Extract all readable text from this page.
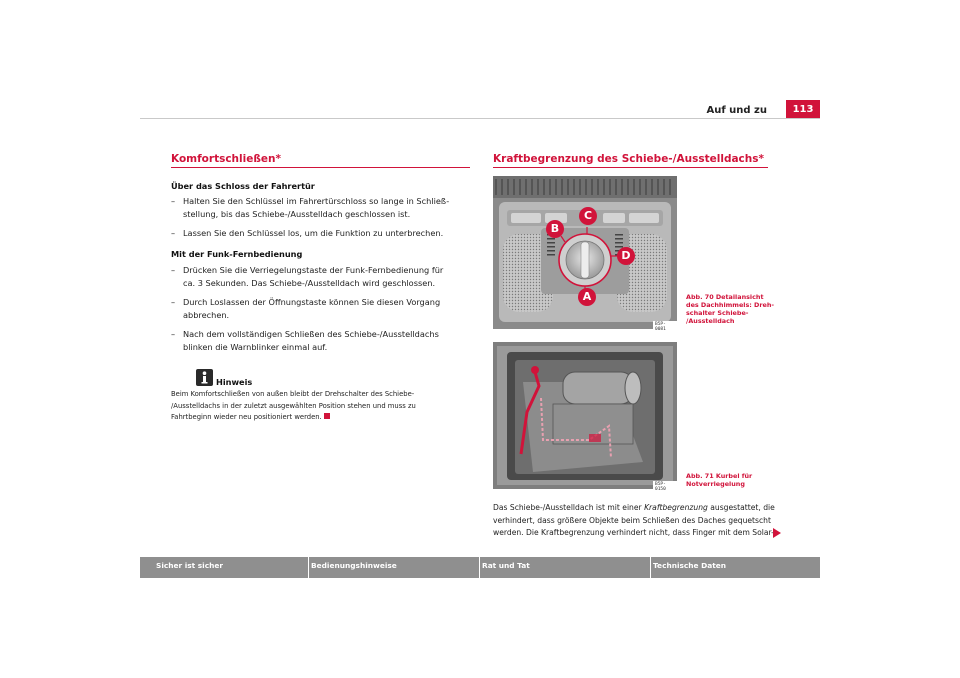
Auf und zu	113
Komfortschließen*
Über das Schloss der Fahrertür
– Halten Sie den Schlüssel im Fahrertürschloss so lange in Schließ-
stellung, bis das Schiebe-/Ausstelldach geschlossen ist.
– Lassen Sie den Schlüssel los, um die Funktion zu unterbrechen.
Mit der Funk-Fernbedienung
– Drücken Sie die Verriegelungstaste der Funk-Fernbedienung für
ca. 3 Sekunden. Das Schiebe-/Ausstelldach wird geschlossen.
– Durch Loslassen der Öffnungstaste können Sie diesen Vorgang
abbrechen.
– Nach dem vollständigen Schließen des Schiebe-/Ausstelldachs
blinken die Warnblinker einmal auf.
Hinweis
Beim Komfortschließen von außen bleibt der Drehschalter des Schiebe-
/Ausstelldachs in der zuletzt ausgewählten Position stehen und muss zu
Fahrtbeginn wieder neu positioniert werden.
Kraftbegrenzung des Schiebe-/Ausstelldachs*
C
B
D
A
B5P-0081
Abb. 70 Detailansicht
des Dachhimmels: Dreh-
schalter Schiebe-
/Ausstelldach
B5P-0150
Abb. 71 Kurbel für
Notverriegelung
Das Schiebe-/Ausstelldach ist mit einer Kraftbegrenzung ausgestattet, die
verhindert, dass größere Objekte beim Schließen des Daches gequetscht
werden. Die Kraftbegrenzung verhindert nicht, dass Finger mit dem Solar-
Sicher ist sicher	Bedienungshinweise	Rat und Tat	Technische Daten
